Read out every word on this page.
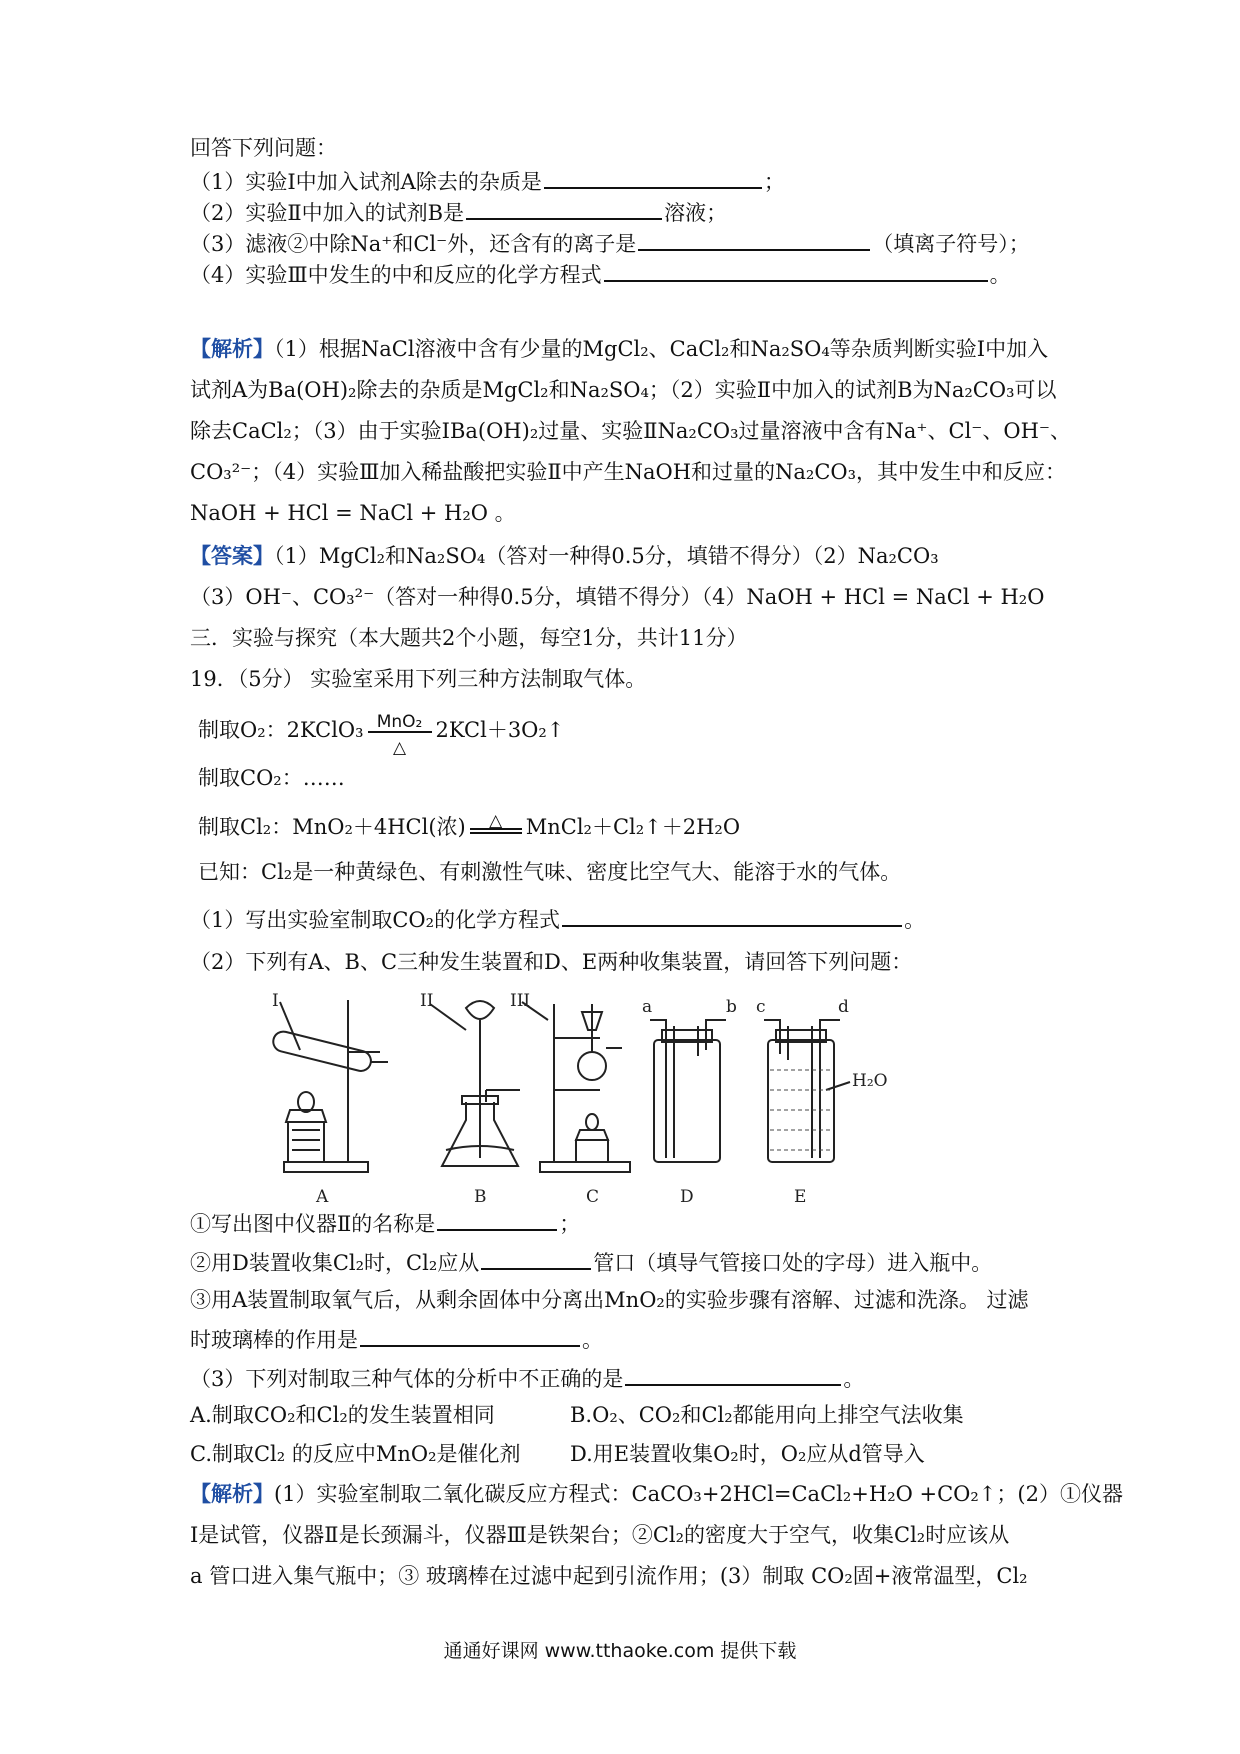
回答下列问题：
（1）实验Ⅰ中加入试剂A除去的杂质是	；
（2）实验Ⅱ中加入的试剂B是	溶液；
（3）滤液②中除Na⁺和Cl⁻外，还含有的离子是	（填离子符号）；
（4）实验Ⅲ中发生的中和反应的化学方程式	。
【解析】（1）根据NaCl溶液中含有少量的MgCl₂、CaCl₂和Na₂SO₄等杂质判断实验Ⅰ中加入
试剂A为Ba(OH)₂除去的杂质是MgCl₂和Na₂SO₄；（2）实验Ⅱ中加入的试剂B为Na₂CO₃可以
除去CaCl₂；（3）由于实验ⅠBa(OH)₂过量、实验ⅡNa₂CO₃过量溶液中含有Na⁺、Cl⁻、OH⁻、
CO₃²⁻；（4）实验Ⅲ加入稀盐酸把实验Ⅱ中产生NaOH和过量的Na₂CO₃，其中发生中和反应：
NaOH + HCl = NaCl + H₂O 。
【答案】（1）MgCl₂和Na₂SO₄（答对一种得0.5分，填错不得分）（2）Na₂CO₃
（3）OH⁻、CO₃²⁻（答对一种得0.5分，填错不得分）（4）NaOH + HCl = NaCl + H₂O
三．实验与探究（本大题共2个小题，每空1分，共计11分）
19．（5分） 实验室采用下列三种方法制取气体。
制取O₂：2KClO₃ MnO₂
△
2KCl＋3O₂↑
制取CO₂：……
制取Cl₂：MnO₂＋4HCl(浓)	△	MnCl₂＋Cl₂↑＋2H₂O
已知：Cl₂是一种黄绿色、有刺激性气味、密度比空气大、能溶于水的气体。
（1）写出实验室制取CO₂的化学方程式	。
（2）下列有A、B、C三种发生装置和D、E两种收集装置，请回答下列问题：
I	II	III	a	b c	d
H₂O
A	B	C	D	E
①写出图中仪器Ⅱ的名称是	；
②用D装置收集Cl₂时，Cl₂应从	管口（填导气管接口处的字母）进入瓶中。
③用A装置制取氧气后，从剩余固体中分离出MnO₂的实验步骤有溶解、过滤和洗涤。 过滤
时玻璃棒的作用是	。
（3）下列对制取三种气体的分析中不正确的是	。
A.制取CO₂和Cl₂的发生装置相同	B.O₂、CO₂和Cl₂都能用向上排空气法收集
C.制取Cl₂ 的反应中MnO₂是催化剂 D.用E装置收集O₂时，O₂应从d管导入
【解析】(1）实验室制取二氧化碳反应方程式：CaCO₃+2HCl=CaCl₂+H₂O +CO₂↑；(2）①仪器
Ⅰ是试管，仪器Ⅱ是长颈漏斗，仪器Ⅲ是铁架台；②Cl₂的密度大于空气，收集Cl₂时应该从
a 管口进入集气瓶中；③ 玻璃棒在过滤中起到引流作用；(3）制取 CO₂固+液常温型，Cl₂
通通好课网 www.tthaoke.com 提供下载
